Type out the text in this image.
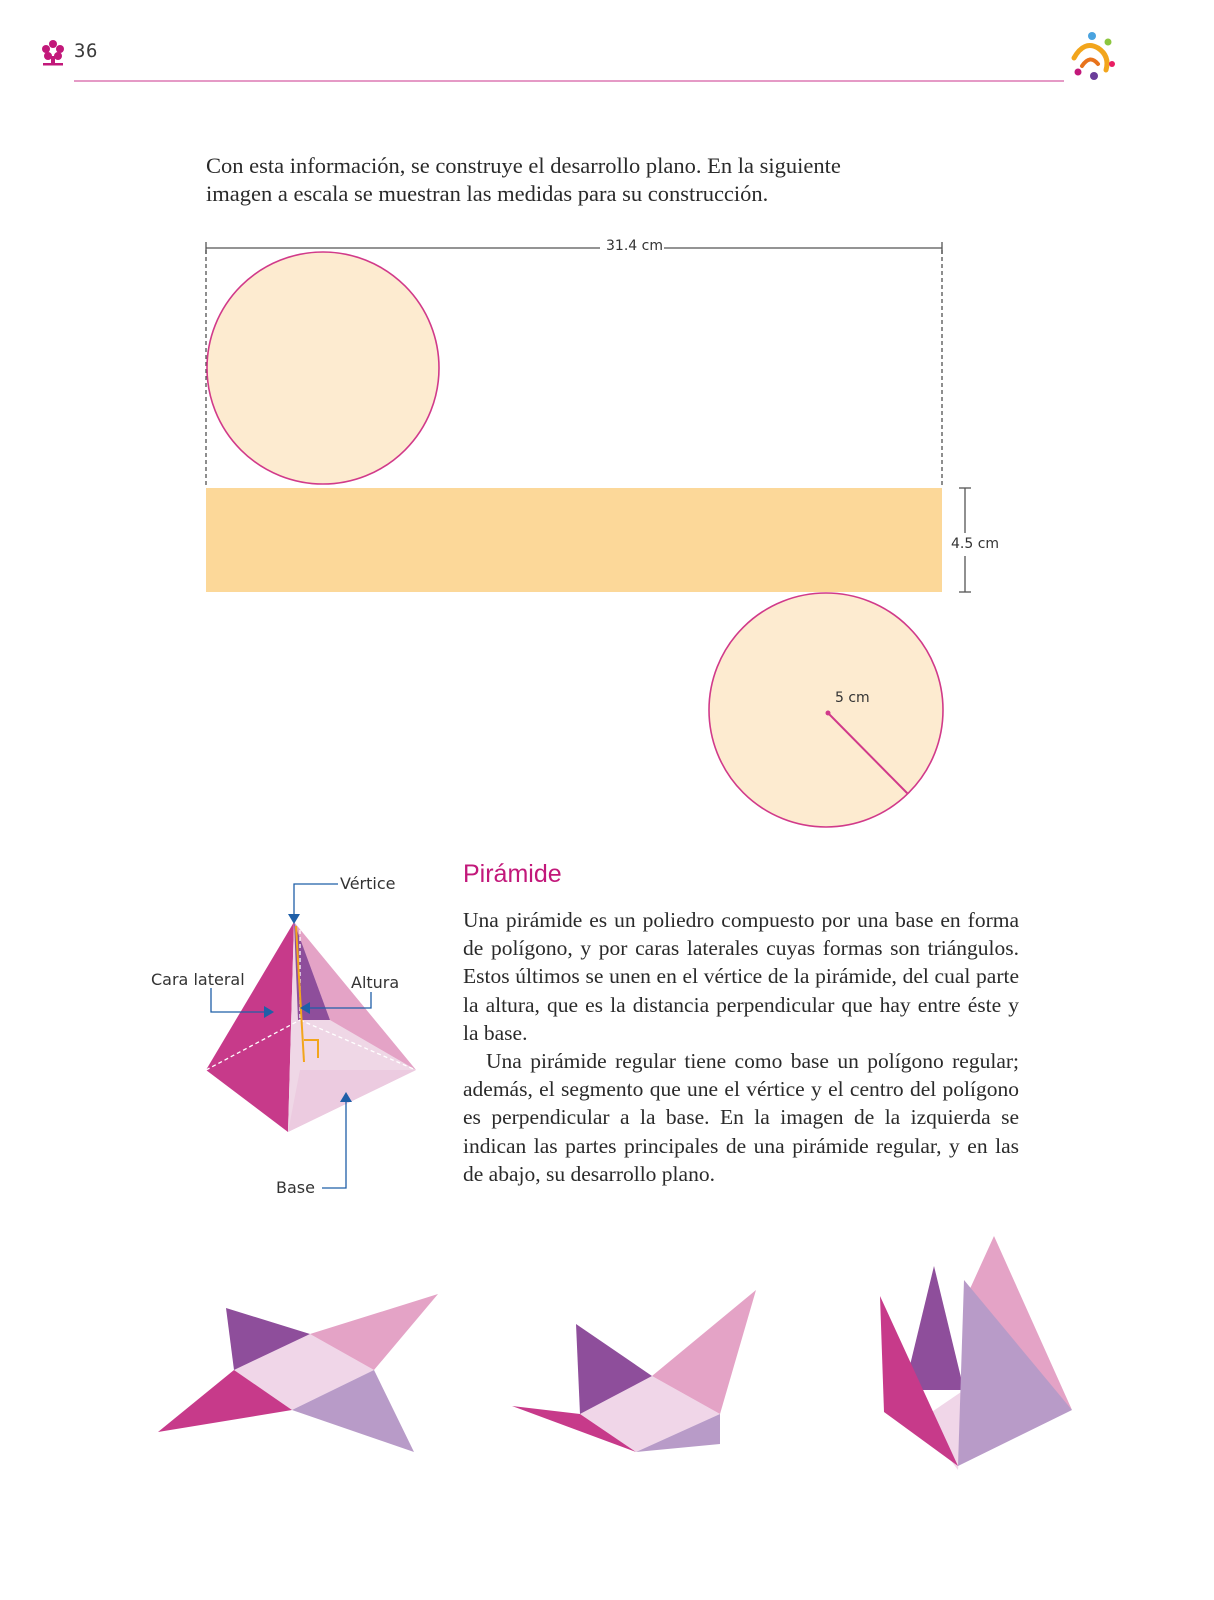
36
Con esta información, se construye el desarrollo plano. En la siguiente imagen a escala se muestran las medidas para su construcción.
31.4 cm
4.5 cm
5 cm
Vértice
Cara lateral	Altura
Base
Pirámide

Una pirámide es un poliedro compuesto por una base en forma de polígono, y por caras laterales cuyas formas son triángulos. Estos últimos se unen en el vértice de la pirámide, del cual parte la altura, que es la distancia perpendicular que hay entre éste y la base.

Una pirámide regular tiene como base un polígono regular; además, el segmento que une el vértice y el centro del polígono es perpendicular a la base. En la imagen de la izquierda se indican las partes principales de una pirámide regular, y en las de abajo, su desarrollo plano.
